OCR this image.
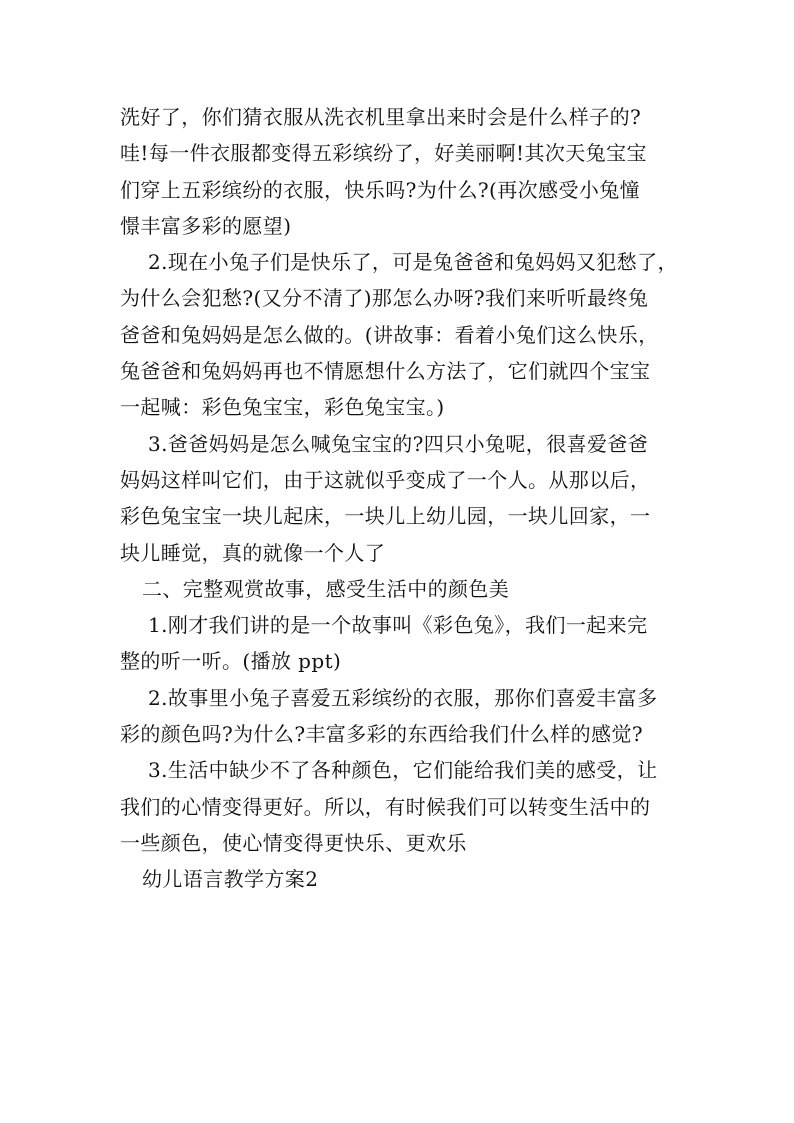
洗好了，你们猜衣服从洗衣机里拿出来时会是什么样子的?
哇!每一件衣服都变得五彩缤纷了，好美丽啊!其次天兔宝宝
们穿上五彩缤纷的衣服，快乐吗?为什么?(再次感受小兔憧
憬丰富多彩的愿望)
2.现在小兔子们是快乐了，可是兔爸爸和兔妈妈又犯愁了，
为什么会犯愁?(又分不清了)那怎么办呀?我们来听听最终兔
爸爸和兔妈妈是怎么做的。(讲故事：看着小兔们这么快乐，
兔爸爸和兔妈妈再也不情愿想什么方法了，它们就四个宝宝
一起喊：彩色兔宝宝，彩色兔宝宝。)
3.爸爸妈妈是怎么喊兔宝宝的?四只小兔呢，很喜爱爸爸
妈妈这样叫它们，由于这就似乎变成了一个人。从那以后，
彩色兔宝宝一块儿起床，一块儿上幼儿园，一块儿回家，一
块儿睡觉，真的就像一个人了
二、完整观赏故事，感受生活中的颜色美
1.刚才我们讲的是一个故事叫《彩色兔》，我们一起来完
整的听一听。(播放 ppt)
2.故事里小兔子喜爱五彩缤纷的衣服，那你们喜爱丰富多
彩的颜色吗?为什么?丰富多彩的东西给我们什么样的感觉?
3.生活中缺少不了各种颜色，它们能给我们美的感受，让
我们的心情变得更好。所以，有时候我们可以转变生活中的
一些颜色，使心情变得更快乐、更欢乐
幼儿语言教学方案2
